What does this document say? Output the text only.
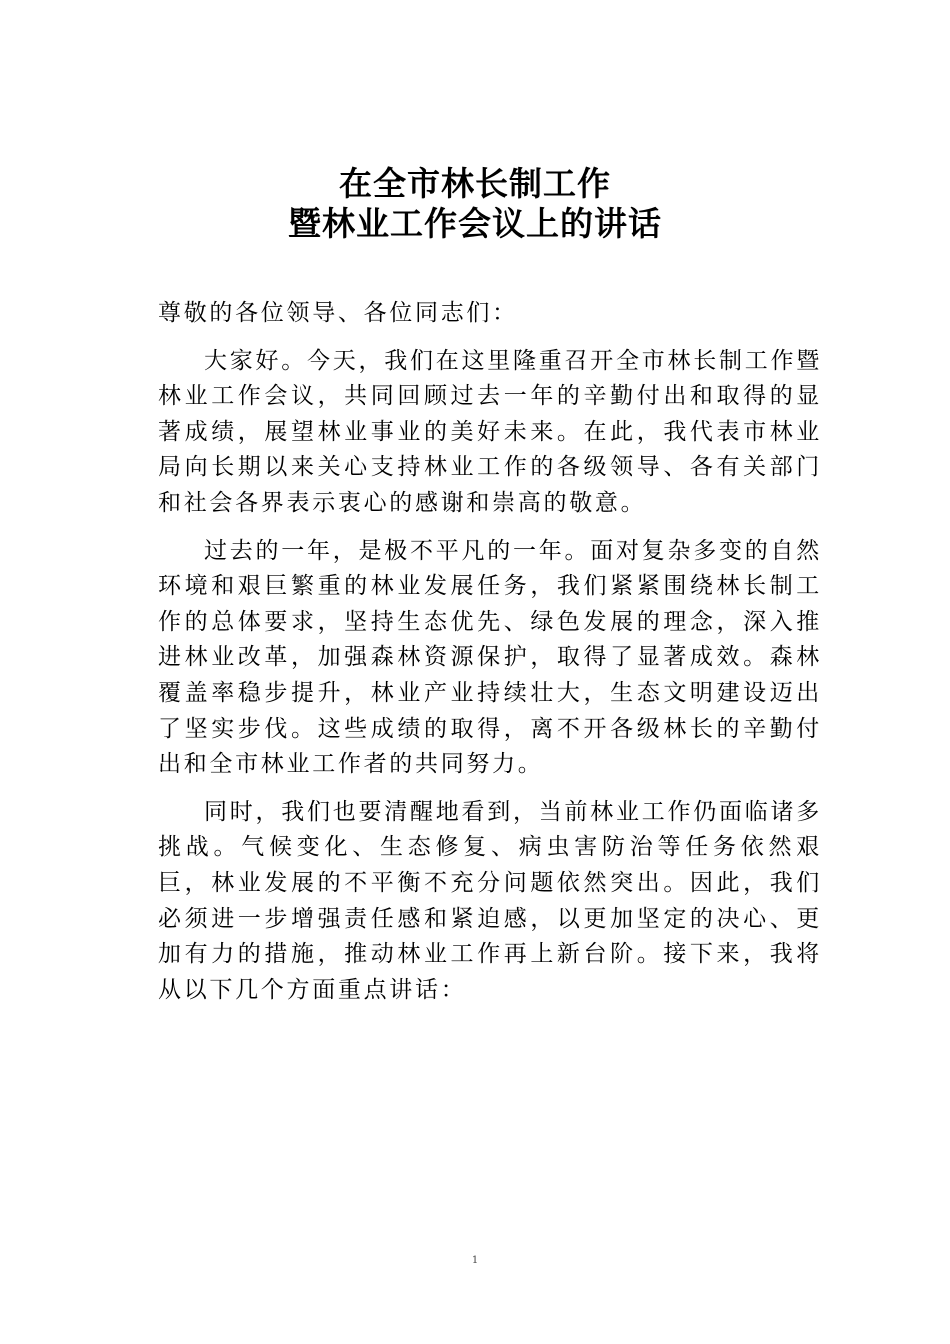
在全市林长制工作
暨林业工作会议上的讲话

尊敬的各位领导、各位同志们：

大家好。今天，我们在这里隆重召开全市林长制工作暨林业工作会议，共同回顾过去一年的辛勤付出和取得的显著成绩，展望林业事业的美好未来。在此，我代表市林业局向长期以来关心支持林业工作的各级领导、各有关部门和社会各界表示衷心的感谢和崇高的敬意。

过去的一年，是极不平凡的一年。面对复杂多变的自然环境和艰巨繁重的林业发展任务，我们紧紧围绕林长制工作的总体要求，坚持生态优先、绿色发展的理念，深入推进林业改革，加强森林资源保护，取得了显著成效。森林覆盖率稳步提升，林业产业持续壮大，生态文明建设迈出了坚实步伐。这些成绩的取得，离不开各级林长的辛勤付出和全市林业工作者的共同努力。

同时，我们也要清醒地看到，当前林业工作仍面临诸多挑战。气候变化、生态修复、病虫害防治等任务依然艰巨，林业发展的不平衡不充分问题依然突出。因此，我们必须进一步增强责任感和紧迫感，以更加坚定的决心、更加有力的措施，推动林业工作再上新台阶。接下来，我将从以下几个方面重点讲话：

1
